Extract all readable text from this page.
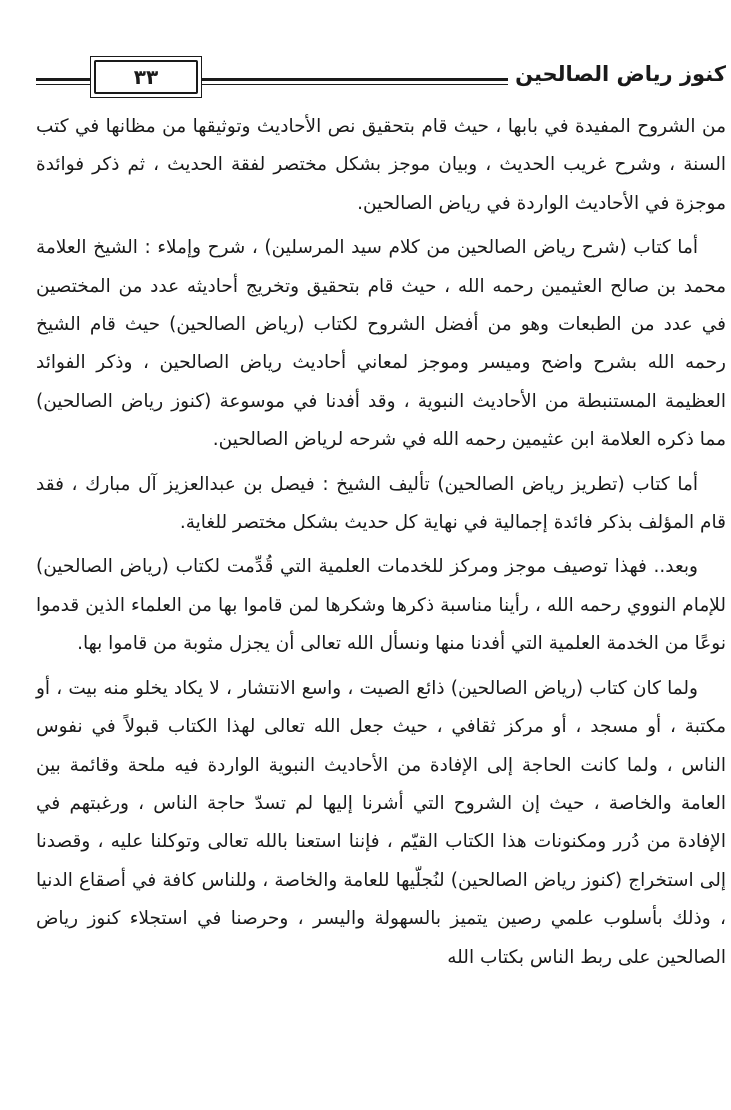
كنوز رياض الصالحين
٣٣

من الشروح المفيدة في بابها ، حيث قام بتحقيق نص الأحاديث وتوثيقها من مظانها في كتب السنة ، وشرح غريب الحديث ، وبيان موجز بشكل مختصر لفقة الحديث ، ثم ذكر فوائدة موجزة في الأحاديث الواردة في رياض الصالحين.

أما كتاب (شرح رياض الصالحين من كلام سيد المرسلين) ، شرح وإملاء : الشيخ العلامة محمد بن صالح العثيمين رحمه الله ، حيث قام بتحقيق وتخريج أحاديثه عدد من المختصين في عدد من الطبعات وهو من أفضل الشروح لكتاب (رياض الصالحين) حيث قام الشيخ رحمه الله بشرح واضح وميسر وموجز لمعاني أحاديث رياض الصالحين ، وذكر الفوائد العظيمة المستنبطة من الأحاديث النبوية ، وقد أفدنا في موسوعة (كنوز رياض الصالحين) مما ذكره العلامة ابن عثيمين رحمه الله في شرحه لرياض الصالحين.

أما كتاب (تطريز رياض الصالحين) تأليف الشيخ : فيصل بن عبدالعزيز آل مبارك ، فقد قام المؤلف بذكر فائدة إجمالية في نهاية كل حديث بشكل مختصر للغاية.

وبعد.. فهذا توصيف موجز ومركز للخدمات العلمية التي قُدِّمت لكتاب (رياض الصالحين) للإمام النووي رحمه الله ، رأينا مناسبة ذكرها وشكرها لمن قاموا بها من العلماء الذين قدموا نوعًا من الخدمة العلمية التي أفدنا منها ونسأل الله تعالى أن يجزل مثوبة من قاموا بها.

ولما كان كتاب (رياض الصالحين) ذائع الصيت ، واسع الانتشار ، لا يكاد يخلو منه بيت ، أو مكتبة ، أو مسجد ، أو مركز ثقافي ، حيث جعل الله تعالى لهذا الكتاب قبولاً في نفوس الناس ، ولما كانت الحاجة إلى الإفادة من الأحاديث النبوية الواردة فيه ملحة وقائمة بين العامة والخاصة ، حيث إن الشروح التي أشرنا إليها لم تسدّ حاجة الناس ، ورغبتهم في الإفادة من دُرر ومكنونات هذا الكتاب القيّم ، فإننا استعنا بالله تعالى وتوكلنا عليه ، وقصدنا إلى استخراج (كنوز رياض الصالحين) لنُجلّيها للعامة والخاصة ، وللناس كافة في أصقاع الدنيا ، وذلك بأسلوب علمي رصين يتميز بالسهولة واليسر ، وحرصنا في استجلاء كنوز رياض الصالحين على ربط الناس بكتاب الله
